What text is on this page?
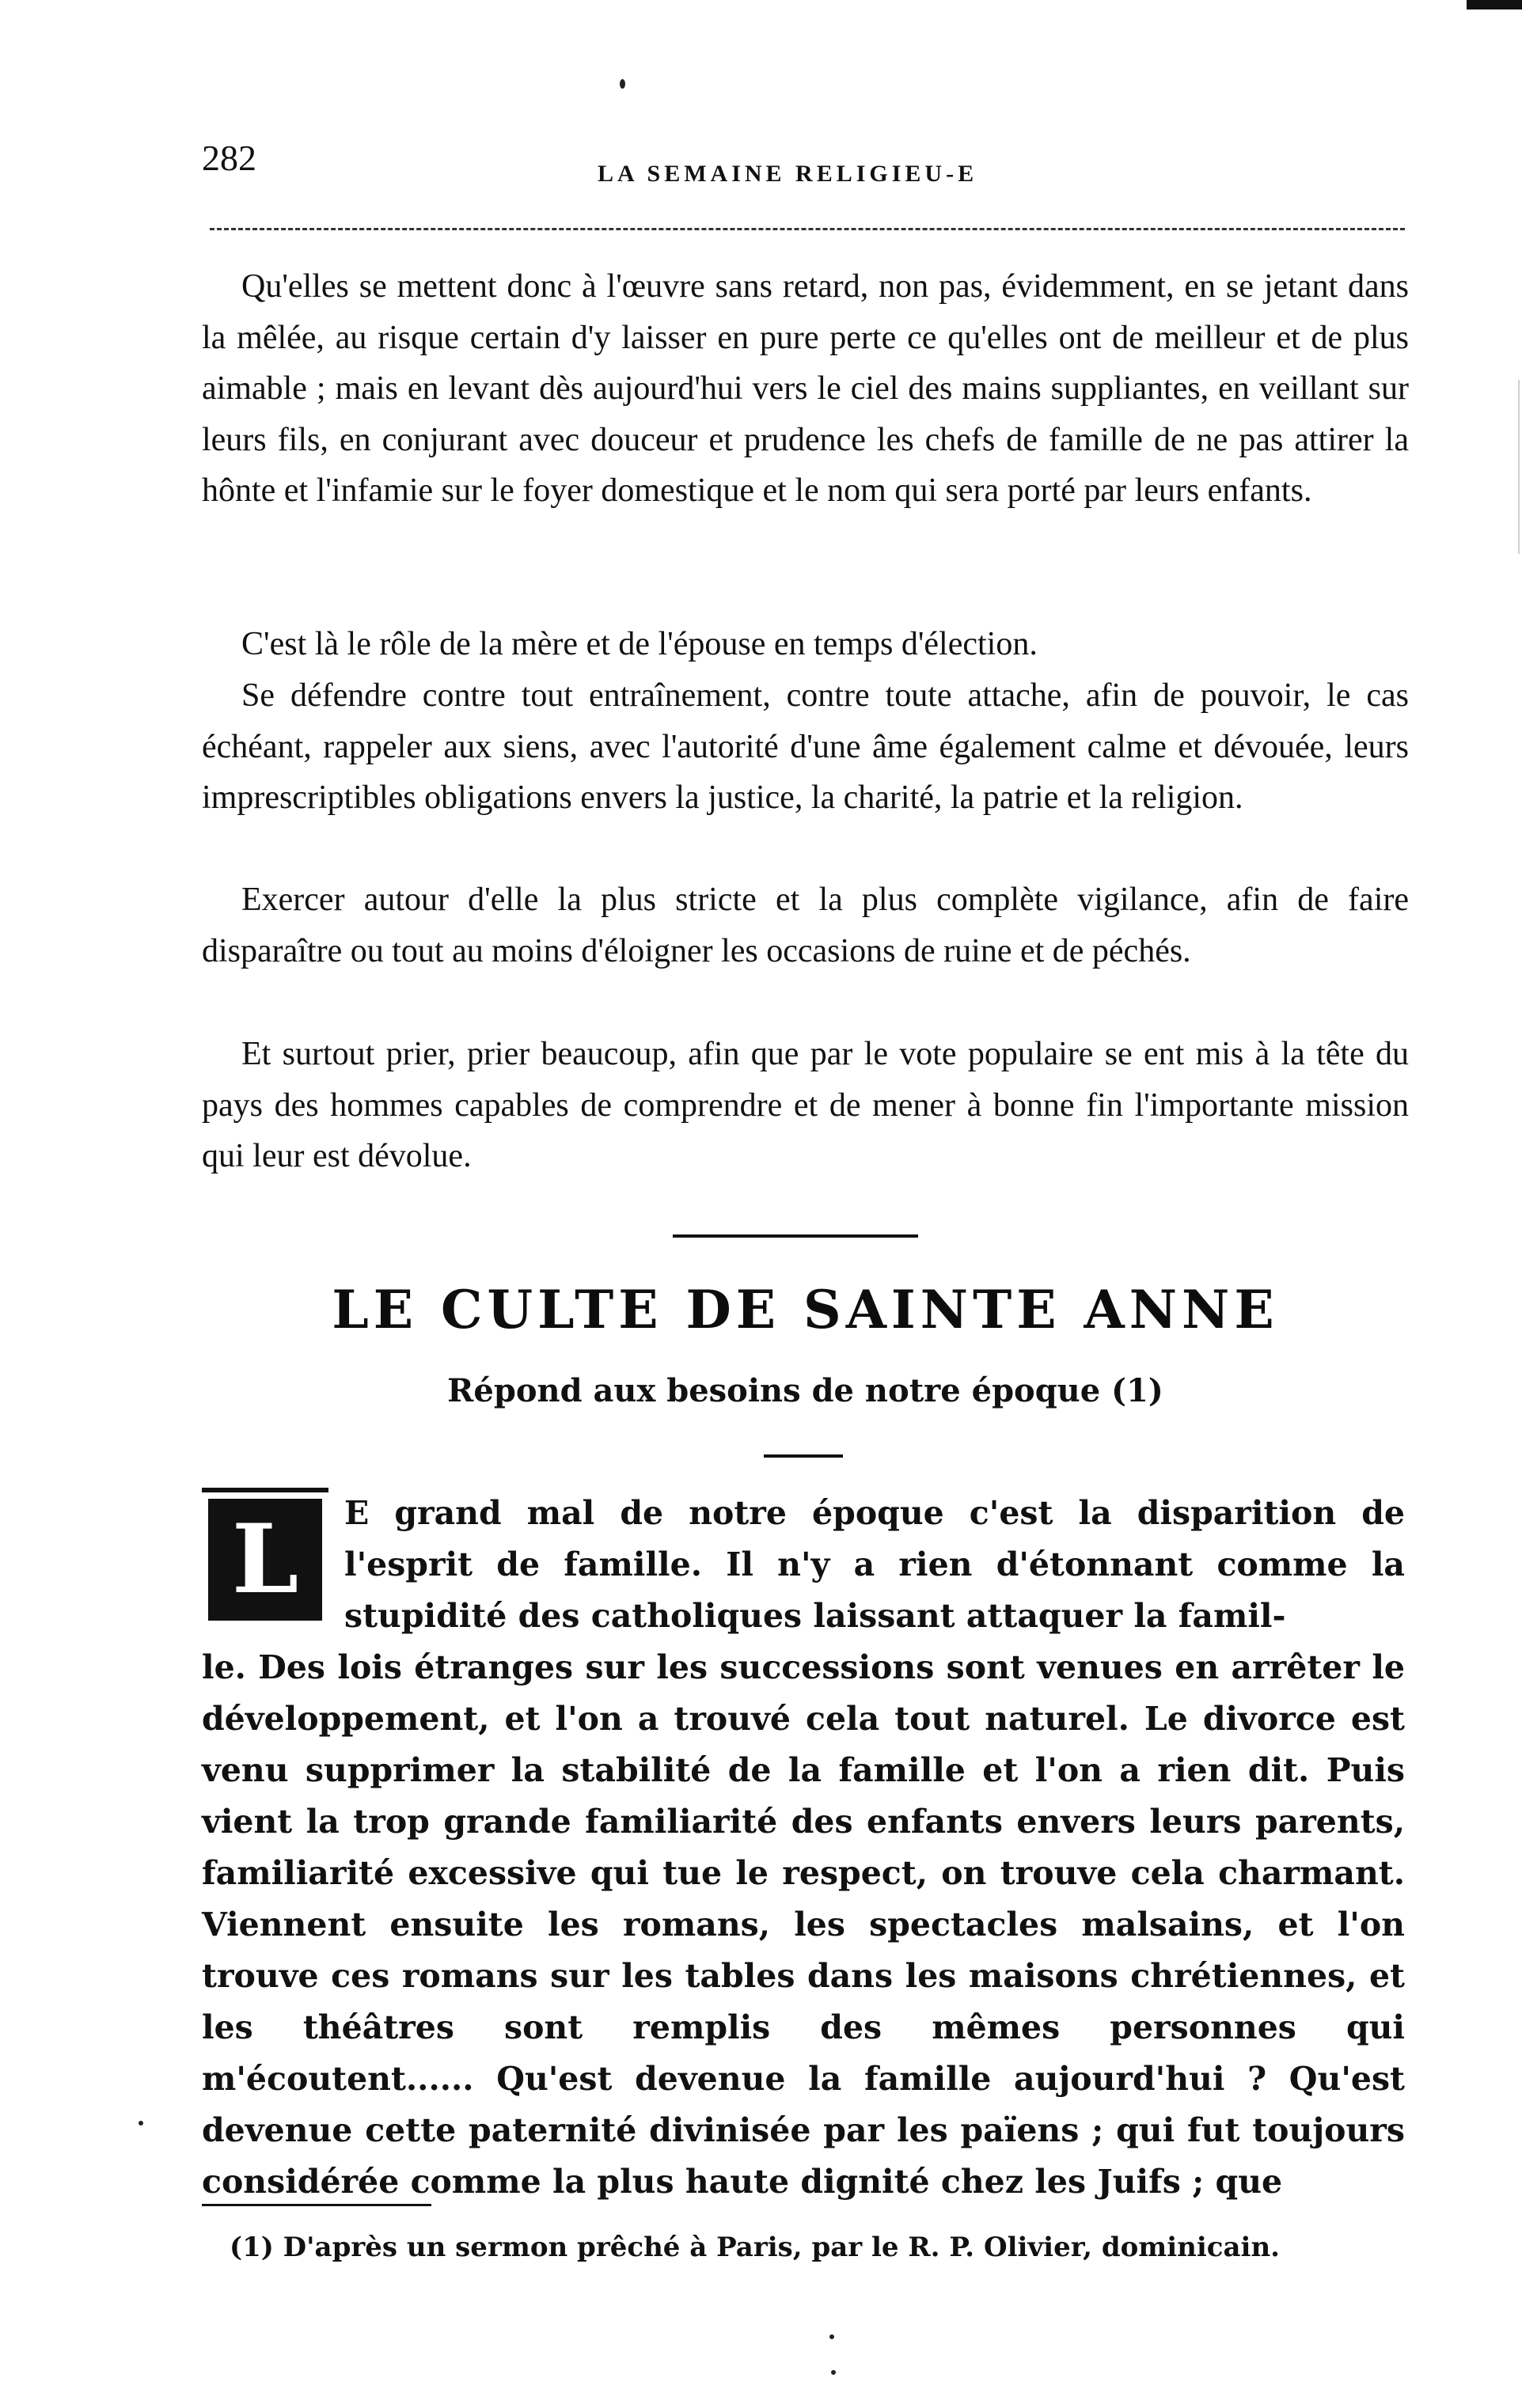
282	LA SEMAINE RELIGIEU-E

Qu'elles se mettent donc à l'œuvre sans retard, non pas, évidemment, en se jetant dans la mêlée, au risque certain d'y laisser en pure perte ce qu'elles ont de meilleur et de plus aimable ; mais en levant dès aujourd'hui vers le ciel des mains suppliantes, en veillant sur leurs fils, en conjurant avec douceur et prudence les chefs de famille de ne pas attirer la hônte et l'infamie sur le foyer domestique et le nom qui sera porté par leurs enfants.

C'est là le rôle de la mère et de l'épouse en temps d'élection.

Se défendre contre tout entraînement, contre toute attache, afin de pouvoir, le cas échéant, rappeler aux siens, avec l'autorité d'une âme également calme et dévouée, leurs imprescriptibles obligations envers la justice, la charité, la patrie et la religion.

Exercer autour d'elle la plus stricte et la plus complète vigilance, afin de faire disparaître ou tout au moins d'éloigner les occasions de ruine et de péchés.

Et surtout prier, prier beaucoup, afin que par le vote populaire se ent mis à la tête du pays des hommes capables de comprendre et de mener à bonne fin l'importante mission qui leur est dévolue.

LE CULTE DE SAINTE ANNE
Répond aux besoins de notre époque (1)
L	E grand mal de notre époque c'est la disparition de l'esprit de famille. Il n'y a rien d'étonnant comme la stupidité des catholiques laissant attaquer la famil-

le. Des lois étranges sur les successions sont venues en arrêter le développement, et l'on a trouvé cela tout naturel. Le divorce est venu supprimer la stabilité de la famille et l'on a rien dit. Puis vient la trop grande familiarité des enfants envers leurs parents, familiarité excessive qui tue le respect, on trouve cela charmant. Viennent ensuite les romans, les spectacles malsains, et l'on trouve ces romans sur les tables dans les maisons chrétiennes, et les théâtres sont remplis des mêmes personnes qui m'écoutent...... Qu'est devenue la famille aujourd'hui ? Qu'est devenue cette paternité divinisée par les païens ; qui fut toujours considérée comme la plus haute dignité chez les Juifs ; que

(1) D'après un sermon prêché à Paris, par le R. P. Olivier, dominicain.
